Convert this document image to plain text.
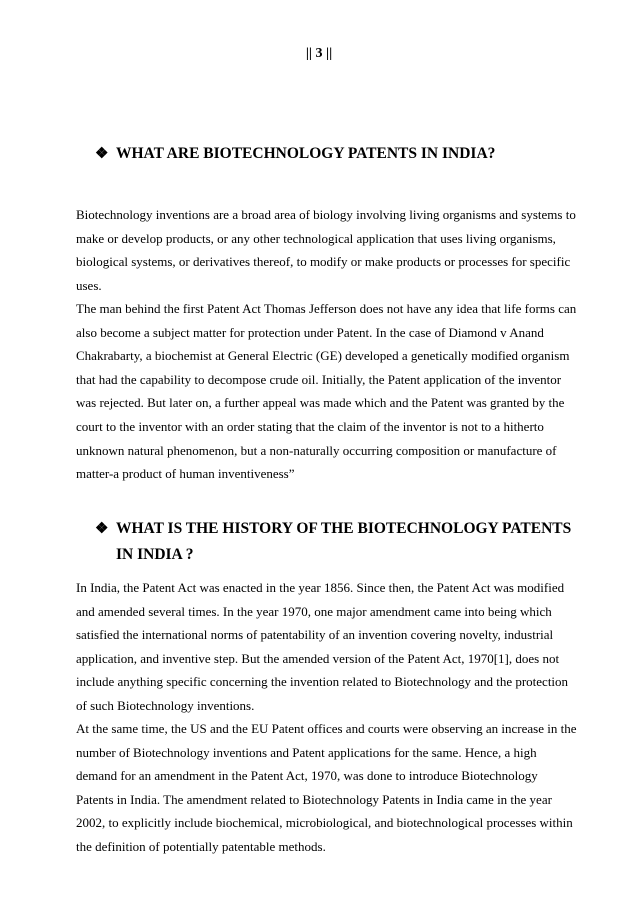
|| 3 ||
❖ WHAT ARE BIOTECHNOLOGY PATENTS IN INDIA?

Biotechnology inventions are a broad area of biology involving living organisms and systems to make or develop products, or any other technological application that uses living organisms, biological systems, or derivatives thereof, to modify or make products or processes for specific uses.

The man behind the first Patent Act Thomas Jefferson does not have any idea that life forms can also become a subject matter for protection under Patent. In the case of Diamond v Anand Chakrabarty, a biochemist at General Electric (GE) developed a genetically modified organism that had the capability to decompose crude oil. Initially, the Patent application of the inventor was rejected. But later on, a further appeal was made which and the Patent was granted by the court to the inventor with an order stating that the claim of the inventor is not to a hitherto unknown natural phenomenon, but a non-naturally occurring composition or manufacture of matter-a product of human inventiveness”

❖ WHAT IS THE HISTORY OF THE BIOTECHNOLOGY PATENTS IN INDIA ?

In India, the Patent Act was enacted in the year 1856. Since then, the Patent Act was modified and amended several times. In the year 1970, one major amendment came into being which satisfied the international norms of patentability of an invention covering novelty, industrial application, and inventive step. But the amended version of the Patent Act, 1970[1], does not include anything specific concerning the invention related to Biotechnology and the protection of such Biotechnology inventions.

At the same time, the US and the EU Patent offices and courts were observing an increase in the number of Biotechnology inventions and Patent applications for the same. Hence, a high demand for an amendment in the Patent Act, 1970, was done to introduce Biotechnology Patents in India. The amendment related to Biotechnology Patents in India came in the year 2002, to explicitly include biochemical, microbiological, and biotechnological processes within the definition of potentially patentable methods.
